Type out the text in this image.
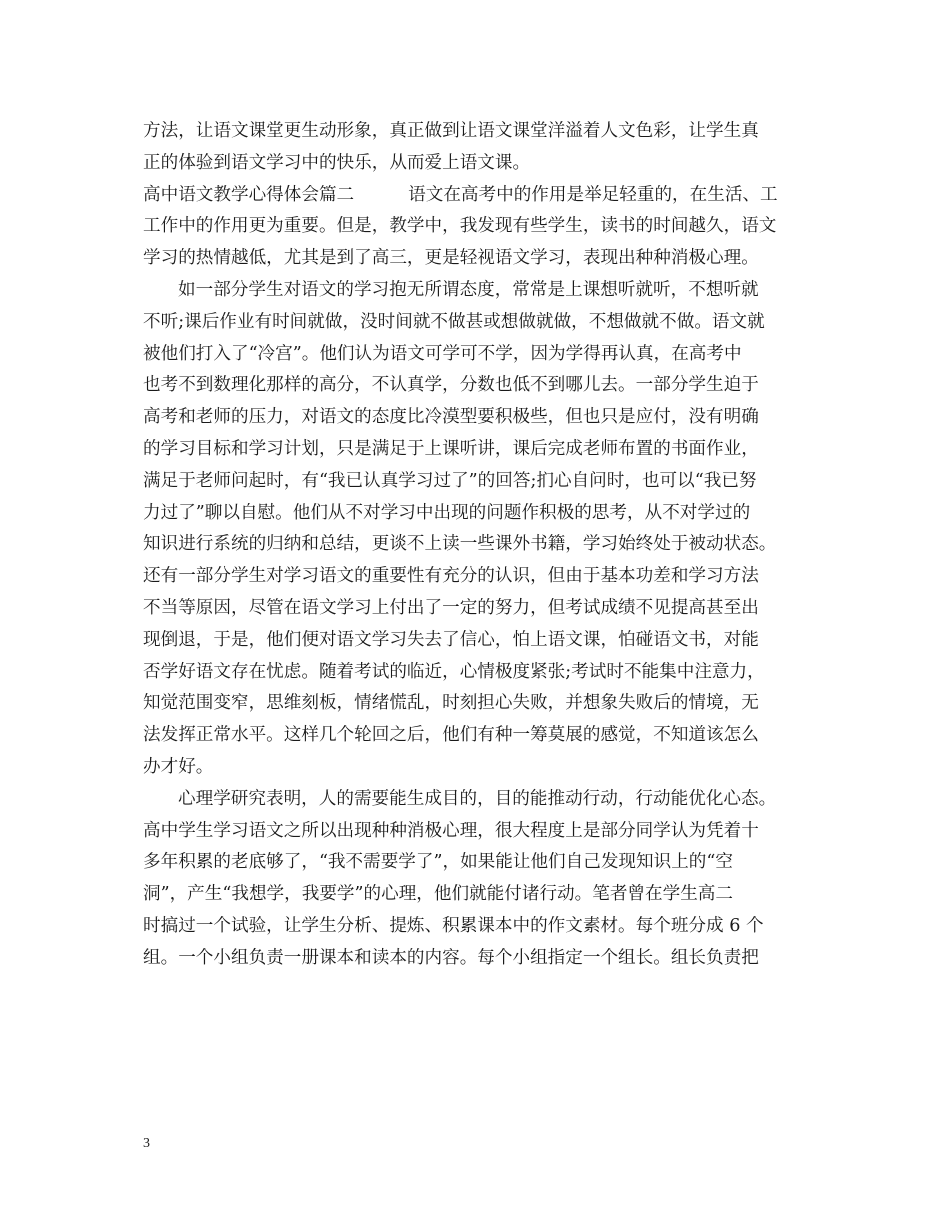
方法，让语文课堂更生动形象，真正做到让语文课堂洋溢着人文色彩，让学生真
正的体验到语文学习中的快乐，从而爱上语文课。
高中语文教学心得体会篇二	语文在高考中的作用是举足轻重的，在生活、工
工作中的作用更为重要。但是，教学中，我发现有些学生，读书的时间越久，语文
学习的热情越低，尤其是到了高三，更是轻视语文学习，表现出种种消极心理。
如一部分学生对语文的学习抱无所谓态度，常常是上课想听就听，不想听就
不听;课后作业有时间就做，没时间就不做甚或想做就做，不想做就不做。语文就
被他们打入了“冷宫”。他们认为语文可学可不学，因为学得再认真，在高考中
也考不到数理化那样的高分，不认真学，分数也低不到哪儿去。一部分学生迫于
高考和老师的压力，对语文的态度比冷漠型要积极些，但也只是应付，没有明确
的学习目标和学习计划，只是满足于上课听讲，课后完成老师布置的书面作业，
满足于老师问起时，有“我已认真学习过了”的回答;扪心自问时，也可以“我已努
力过了”聊以自慰。他们从不对学习中出现的问题作积极的思考，从不对学过的
知识进行系统的归纳和总结，更谈不上读一些课外书籍，学习始终处于被动状态。
还有一部分学生对学习语文的重要性有充分的认识，但由于基本功差和学习方法
不当等原因，尽管在语文学习上付出了一定的努力，但考试成绩不见提高甚至出
现倒退，于是，他们便对语文学习失去了信心，怕上语文课，怕碰语文书，对能
否学好语文存在忧虑。随着考试的临近，心情极度紧张;考试时不能集中注意力，
知觉范围变窄，思维刻板，情绪慌乱，时刻担心失败，并想象失败后的情境，无
法发挥正常水平。这样几个轮回之后，他们有种一筹莫展的感觉，不知道该怎么
办才好。
心理学研究表明，人的需要能生成目的，目的能推动行动，行动能优化心态。
高中学生学习语文之所以出现种种消极心理，很大程度上是部分同学认为凭着十
多年积累的老底够了，“我不需要学了”，如果能让他们自己发现知识上的“空
洞”，产生“我想学，我要学”的心理，他们就能付诸行动。笔者曾在学生高二
时搞过一个试验，让学生分析、提炼、积累课本中的作文素材。每个班分成 6 个
组。一个小组负责一册课本和读本的内容。每个小组指定一个组长。组长负责把
3
